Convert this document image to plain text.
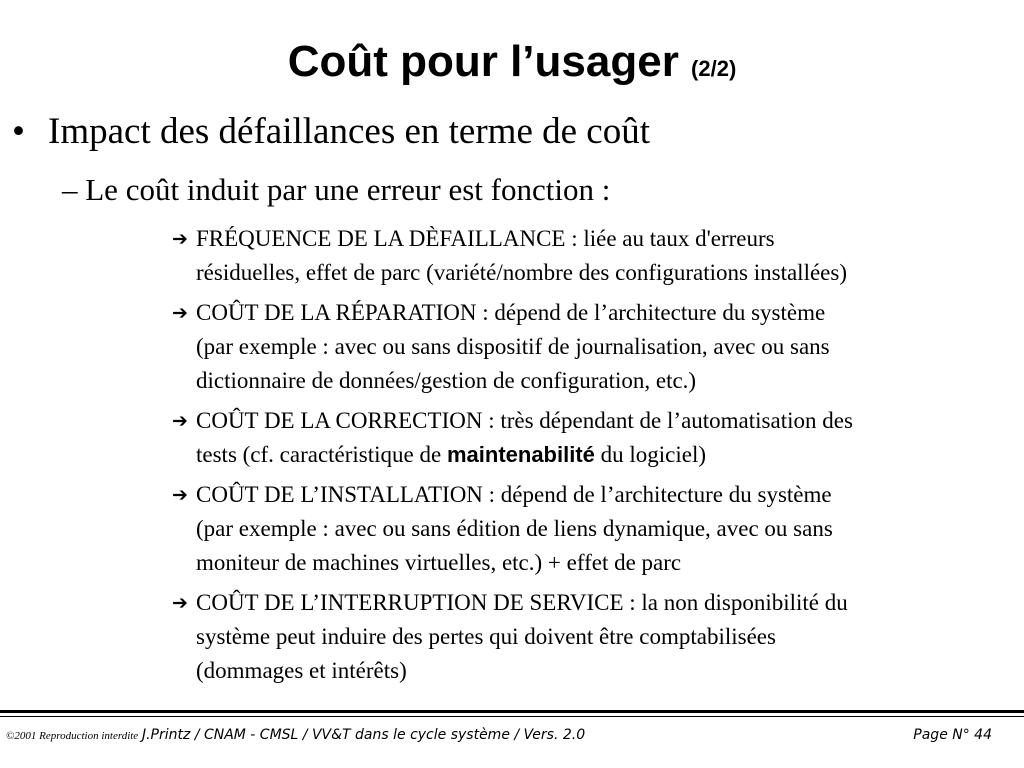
Coût pour l’usager (2/2)
• Impact des défaillances en terme de coût
– Le coût induit par une erreur est fonction :
➔ FRÉQUENCE DE LA DÈFAILLANCE : liée au taux d'erreurs
résiduelles, effet de parc (variété/nombre des configurations installées)
➔ COÛT DE LA RÉPARATION : dépend de l’architecture du système
(par exemple : avec ou sans dispositif de journalisation, avec ou sans
dictionnaire de données/gestion de configuration, etc.)
➔ COÛT DE LA CORRECTION : très dépendant de l’automatisation des
tests (cf. caractéristique de maintenabilité du logiciel)
➔ COÛT DE L’INSTALLATION : dépend de l’architecture du système
(par exemple : avec ou sans édition de liens dynamique, avec ou sans
moniteur de machines virtuelles, etc.) + effet de parc
➔ COÛT DE L’INTERRUPTION DE SERVICE : la non disponibilité du
système peut induire des pertes qui doivent être comptabilisées
(dommages et intérêts)
©2001 Reproduction interdite J.Printz / CNAM - CMSL / VV&T dans le cycle système / Vers. 2.0	Page N° 44
